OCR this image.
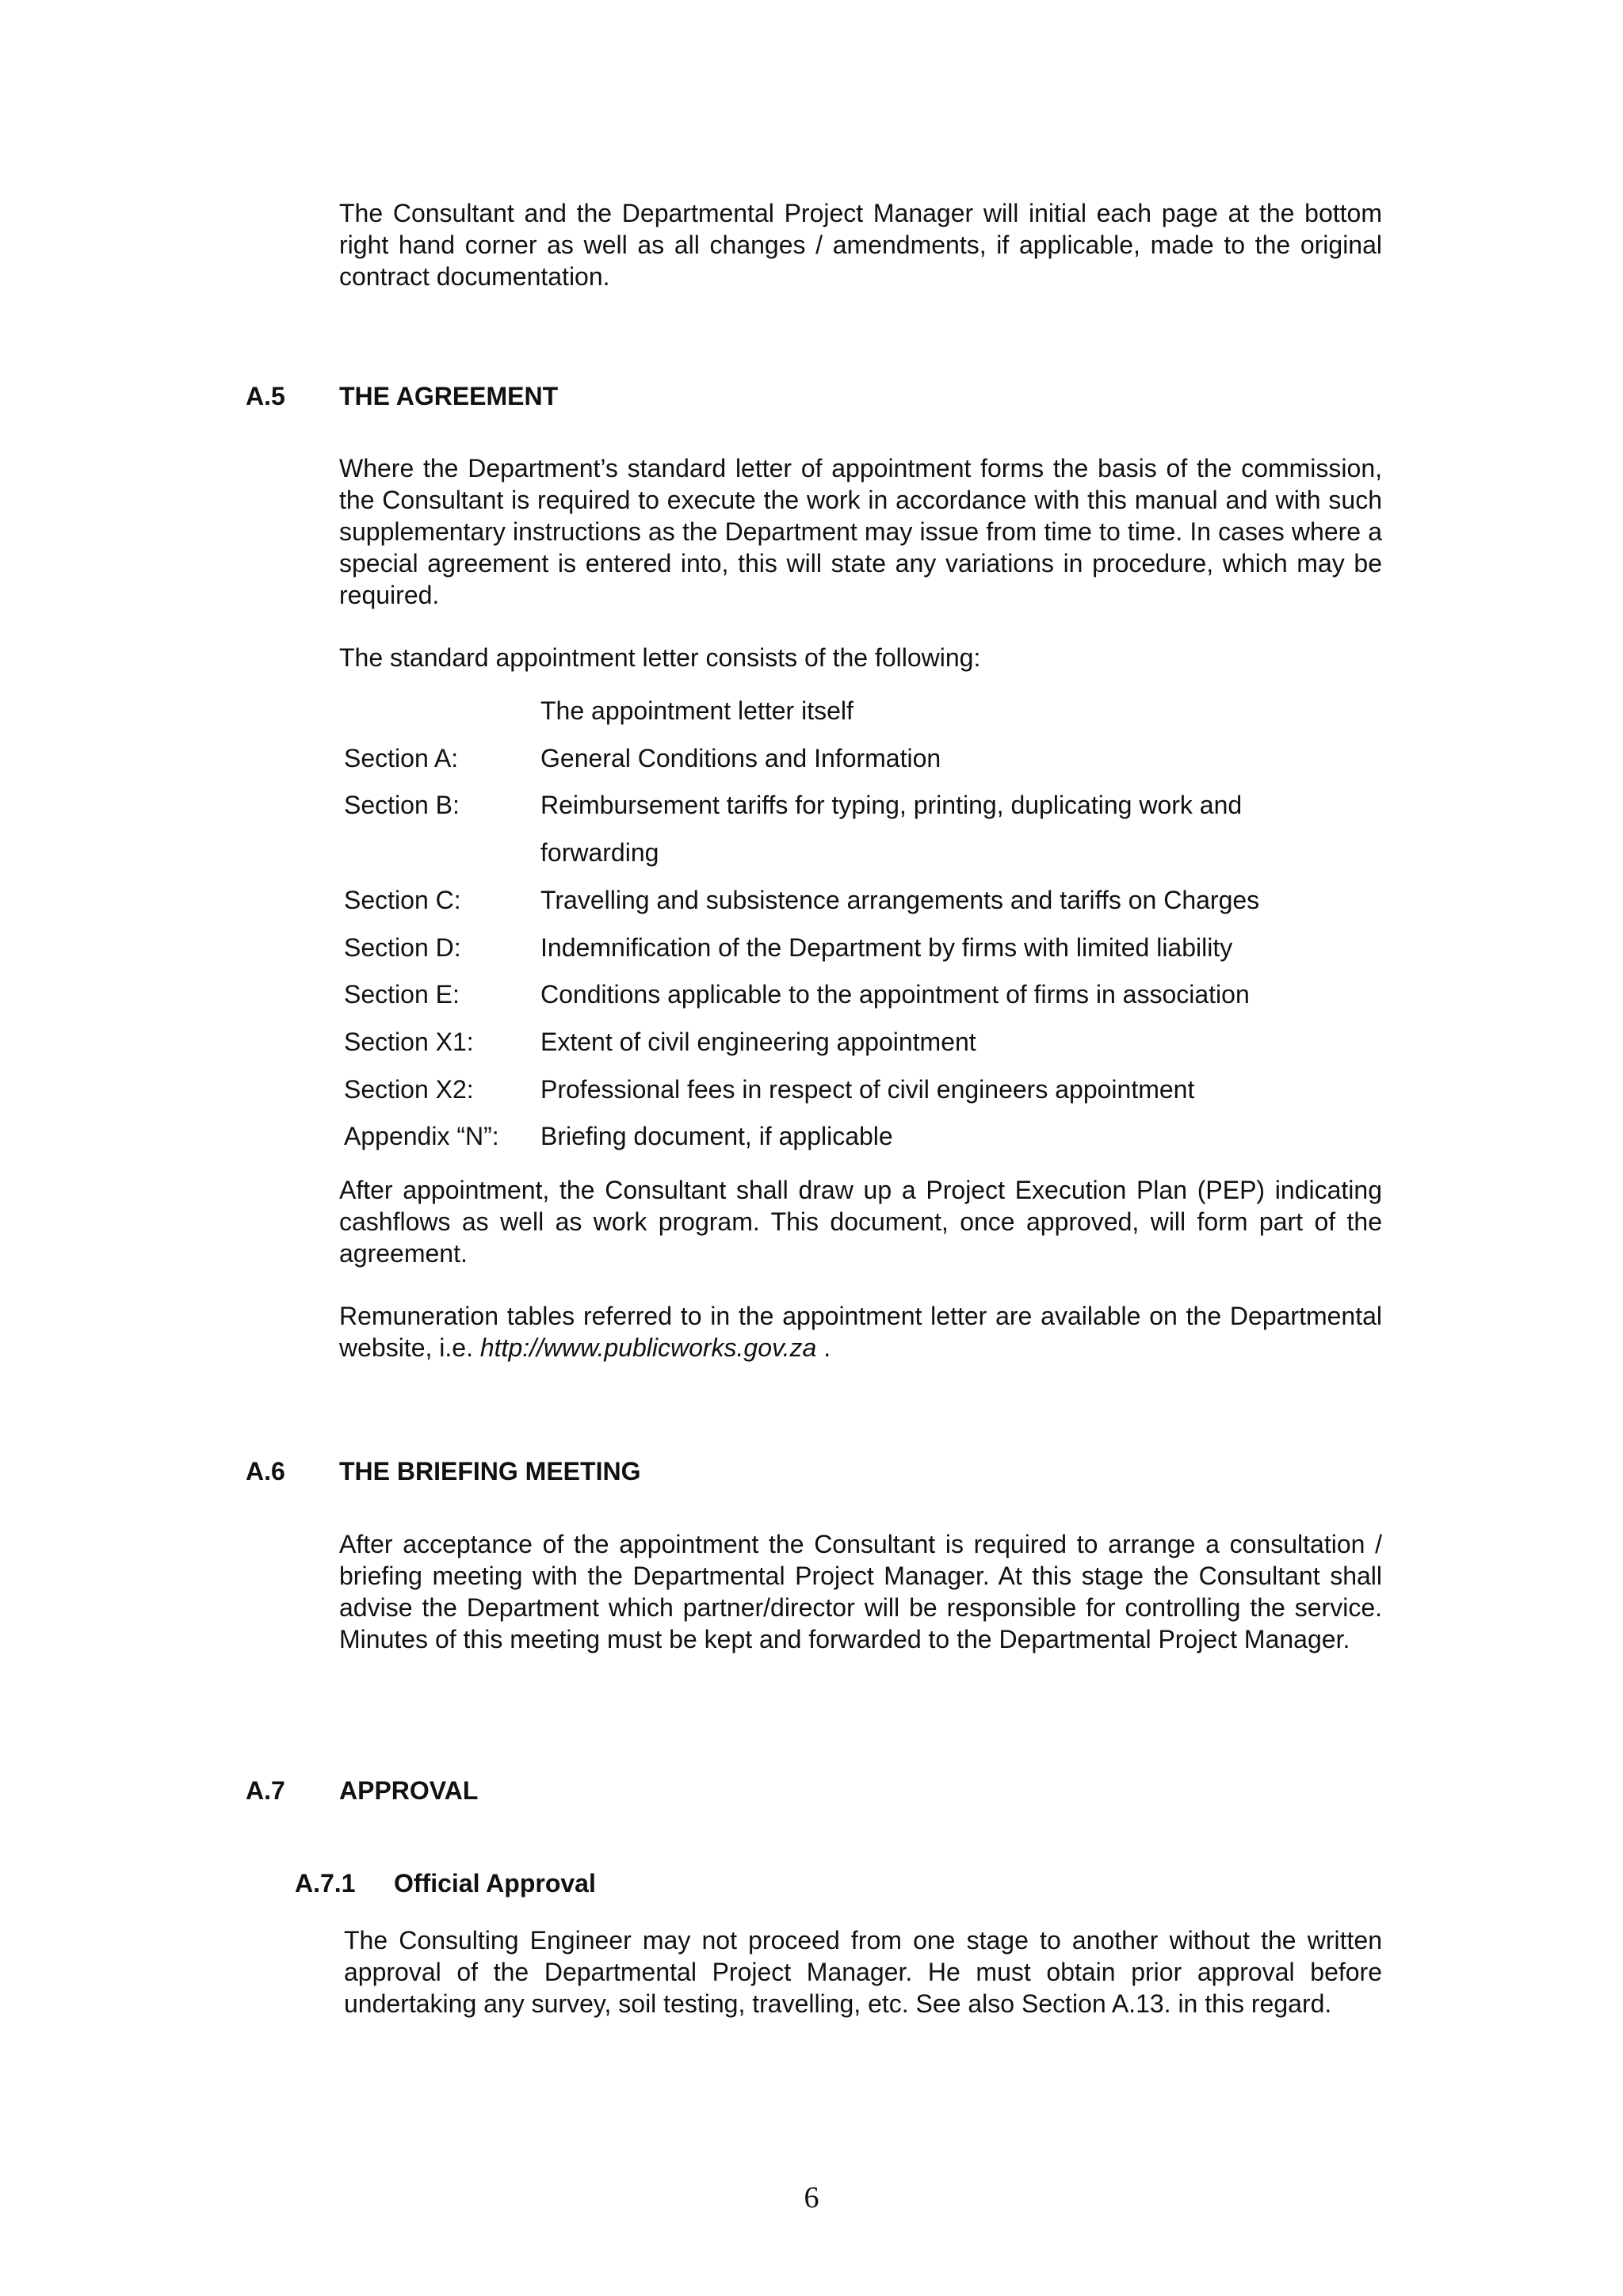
The Consultant and the Departmental Project Manager will initial each page at the bottom right hand corner as well as all changes / amendments, if applicable, made to the original contract documentation.

A.5 THE AGREEMENT

Where the Department’s standard letter of appointment forms the basis of the commission, the Consultant is required to execute the work in accordance with this manual and with such supplementary instructions as the Department may issue from time to time. In cases where a special agreement is entered into, this will state any variations in procedure, which may be required.

The standard appointment letter consists of the following:

The appointment letter itself
Section A:	General Conditions and Information
Section B:	Reimbursement tariffs for typing, printing, duplicating work and forwarding
Section C:	Travelling and subsistence arrangements and tariffs on Charges
Section D:	Indemnification of the Department by firms with limited liability
Section E:	Conditions applicable to the appointment of firms in association
Section X1:	Extent of civil engineering appointment
Section X2:	Professional fees in respect of civil engineers appointment
Appendix “N”:	Briefing document, if applicable

After appointment, the Consultant shall draw up a Project Execution Plan (PEP) indicating cashflows as well as work program. This document, once approved, will form part of the agreement.

Remuneration tables referred to in the appointment letter are available on the Departmental website, i.e. http://www.publicworks.gov.za .

A.6 THE BRIEFING MEETING

After acceptance of the appointment the Consultant is required to arrange a consultation / briefing meeting with the Departmental Project Manager. At this stage the Consultant shall advise the Department which partner/director will be responsible for controlling the service. Minutes of this meeting must be kept and forwarded to the Departmental Project Manager.

A.7 APPROVAL
A.7.1 Official Approval

The Consulting Engineer may not proceed from one stage to another without the written approval of the Departmental Project Manager. He must obtain prior approval before undertaking any survey, soil testing, travelling, etc. See also Section A.13. in this regard.

6
